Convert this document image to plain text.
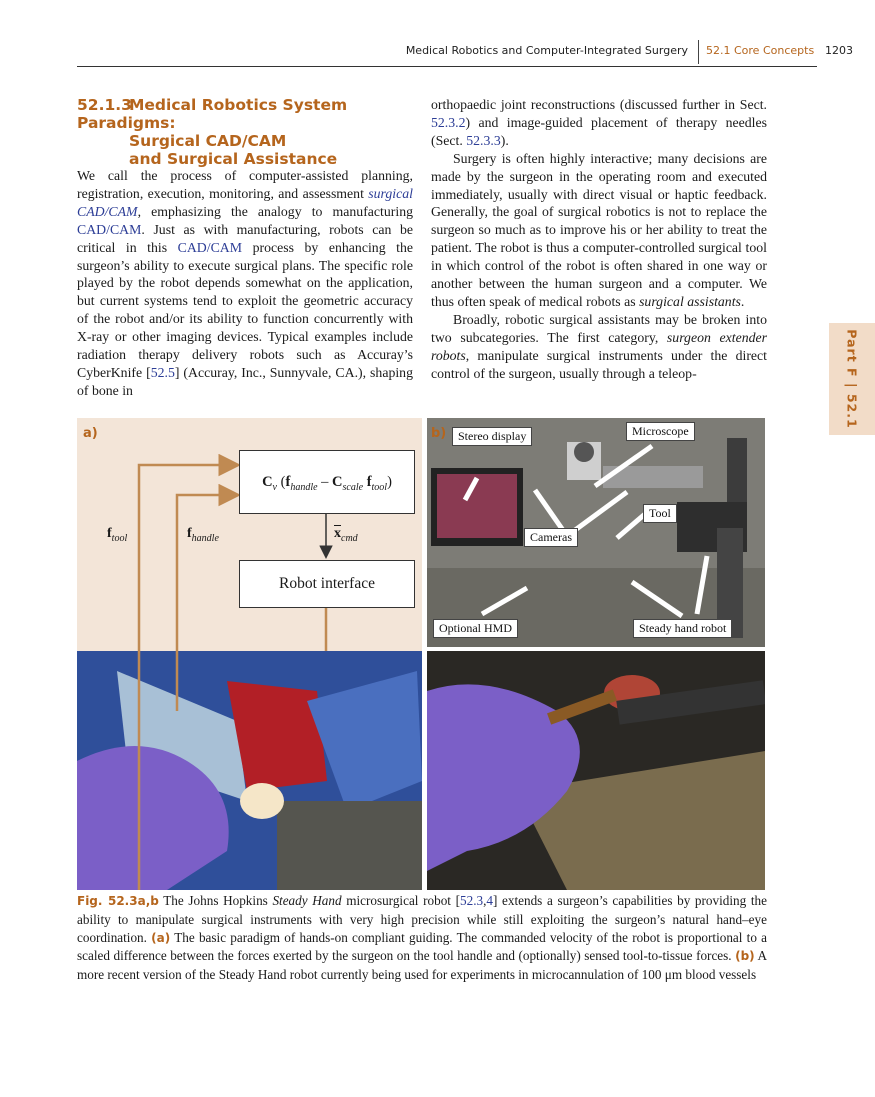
Medical Robotics and Computer-Integrated Surgery 52.1 Core Concepts 1203
Part F | 52.1
52.1.3Medical Robotics System Paradigms:
Surgical CAD/CAM
and Surgical Assistance

We call the process of computer-assisted planning, registration, execution, monitoring, and assessment surgical CAD/CAM, emphasizing the analogy to manufacturing CAD/CAM. Just as with manufacturing, robots can be critical in this CAD/CAM process by enhancing the surgeon’s ability to execute surgical plans. The specific role played by the robot depends somewhat on the application, but current systems tend to exploit the geometric accuracy of the robot and/or its ability to function concurrently with X-ray or other imaging devices. Typical examples include radiation therapy delivery robots such as Accuray’s CyberKnife [52.5] (Accuray, Inc., Sunnyvale, CA.), shaping of bone in

orthopaedic joint reconstructions (discussed further in Sect. 52.3.2) and image-guided placement of therapy needles (Sect. 52.3.3).

Surgery is often highly interactive; many decisions are made by the surgeon in the operating room and executed immediately, usually with direct visual or haptic feedback. Generally, the goal of surgical robotics is not to replace the surgeon so much as to improve his or her ability to treat the patient. The robot is thus a computer-controlled surgical tool in which control of the robot is often shared in one way or another between the human surgeon and a computer. We thus often speak of medical robots as surgical assistants.

Broadly, robotic surgical assistants may be broken into two subcategories. The first category, surgeon extender robots, manipulate surgical instruments under the direct control of the surgeon, usually through a teleop-

a)
$C_v$ ($f_{handle} - C_{scale}$ $f_{tool}$)
Robot interface
$f_{tool}$	$f_{handle}$	$\overline{x}_{cmd}$
b) Stereo display	Microscope
Tool
Cameras
Optional HMD	Steady hand robot
Fig. 52.3a,b The Johns Hopkins Steady Hand microsurgical robot [52.3,4] extends a surgeon’s capabilities by providing the ability to manipulate surgical instruments with very high precision while still exploiting the surgeon’s natural hand–eye coordination. (a) The basic paradigm of hands-on compliant guiding. The commanded velocity of the robot is proportional to a scaled difference between the forces exerted by the surgeon on the tool handle and (optionally) sensed tool-to-tissue forces. (b) A more recent version of the Steady Hand robot currently being used for experiments in microcannulation of 100 μm blood vessels
